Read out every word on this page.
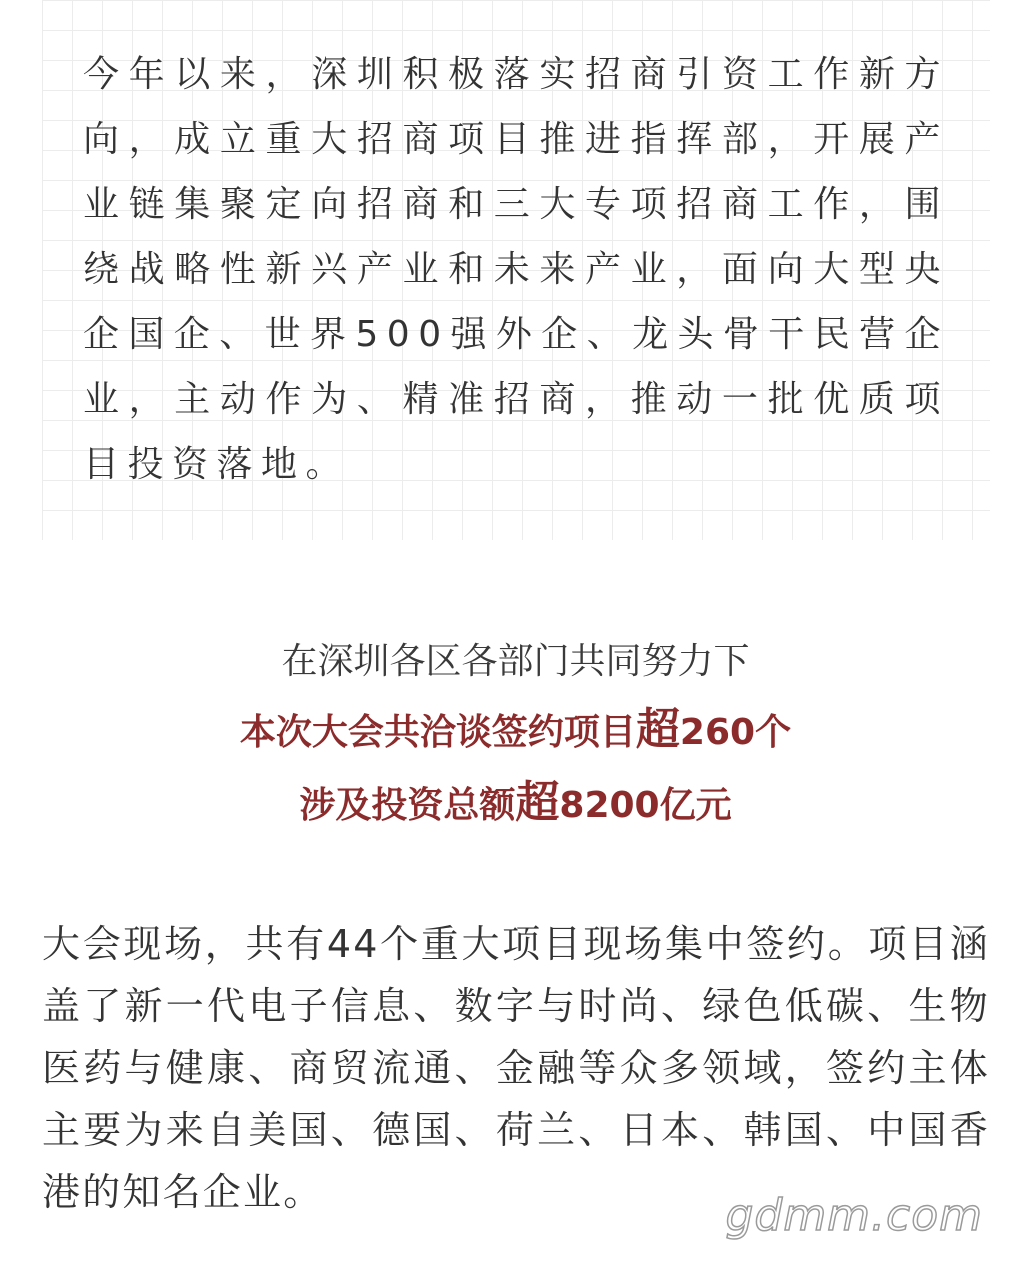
今年以来，深圳积极落实招商引资工作新方向，成立重大招商项目推进指挥部，开展产业链集聚定向招商和三大专项招商工作，围绕战略性新兴产业和未来产业，面向大型央企国企、世界500强外企、龙头骨干民营企业，主动作为、精准招商，推动一批优质项目投资落地。

在深圳各区各部门共同努力下

本次大会共洽谈签约项目超260个

涉及投资总额超8200亿元

大会现场，共有44个重大项目现场集中签约。项目涵盖了新一代电子信息、数字与时尚、绿色低碳、生物医药与健康、商贸流通、金融等众多领域，签约主体主要为来自美国、德国、荷兰、日本、韩国、中国香港的知名企业。	gdmm.com
